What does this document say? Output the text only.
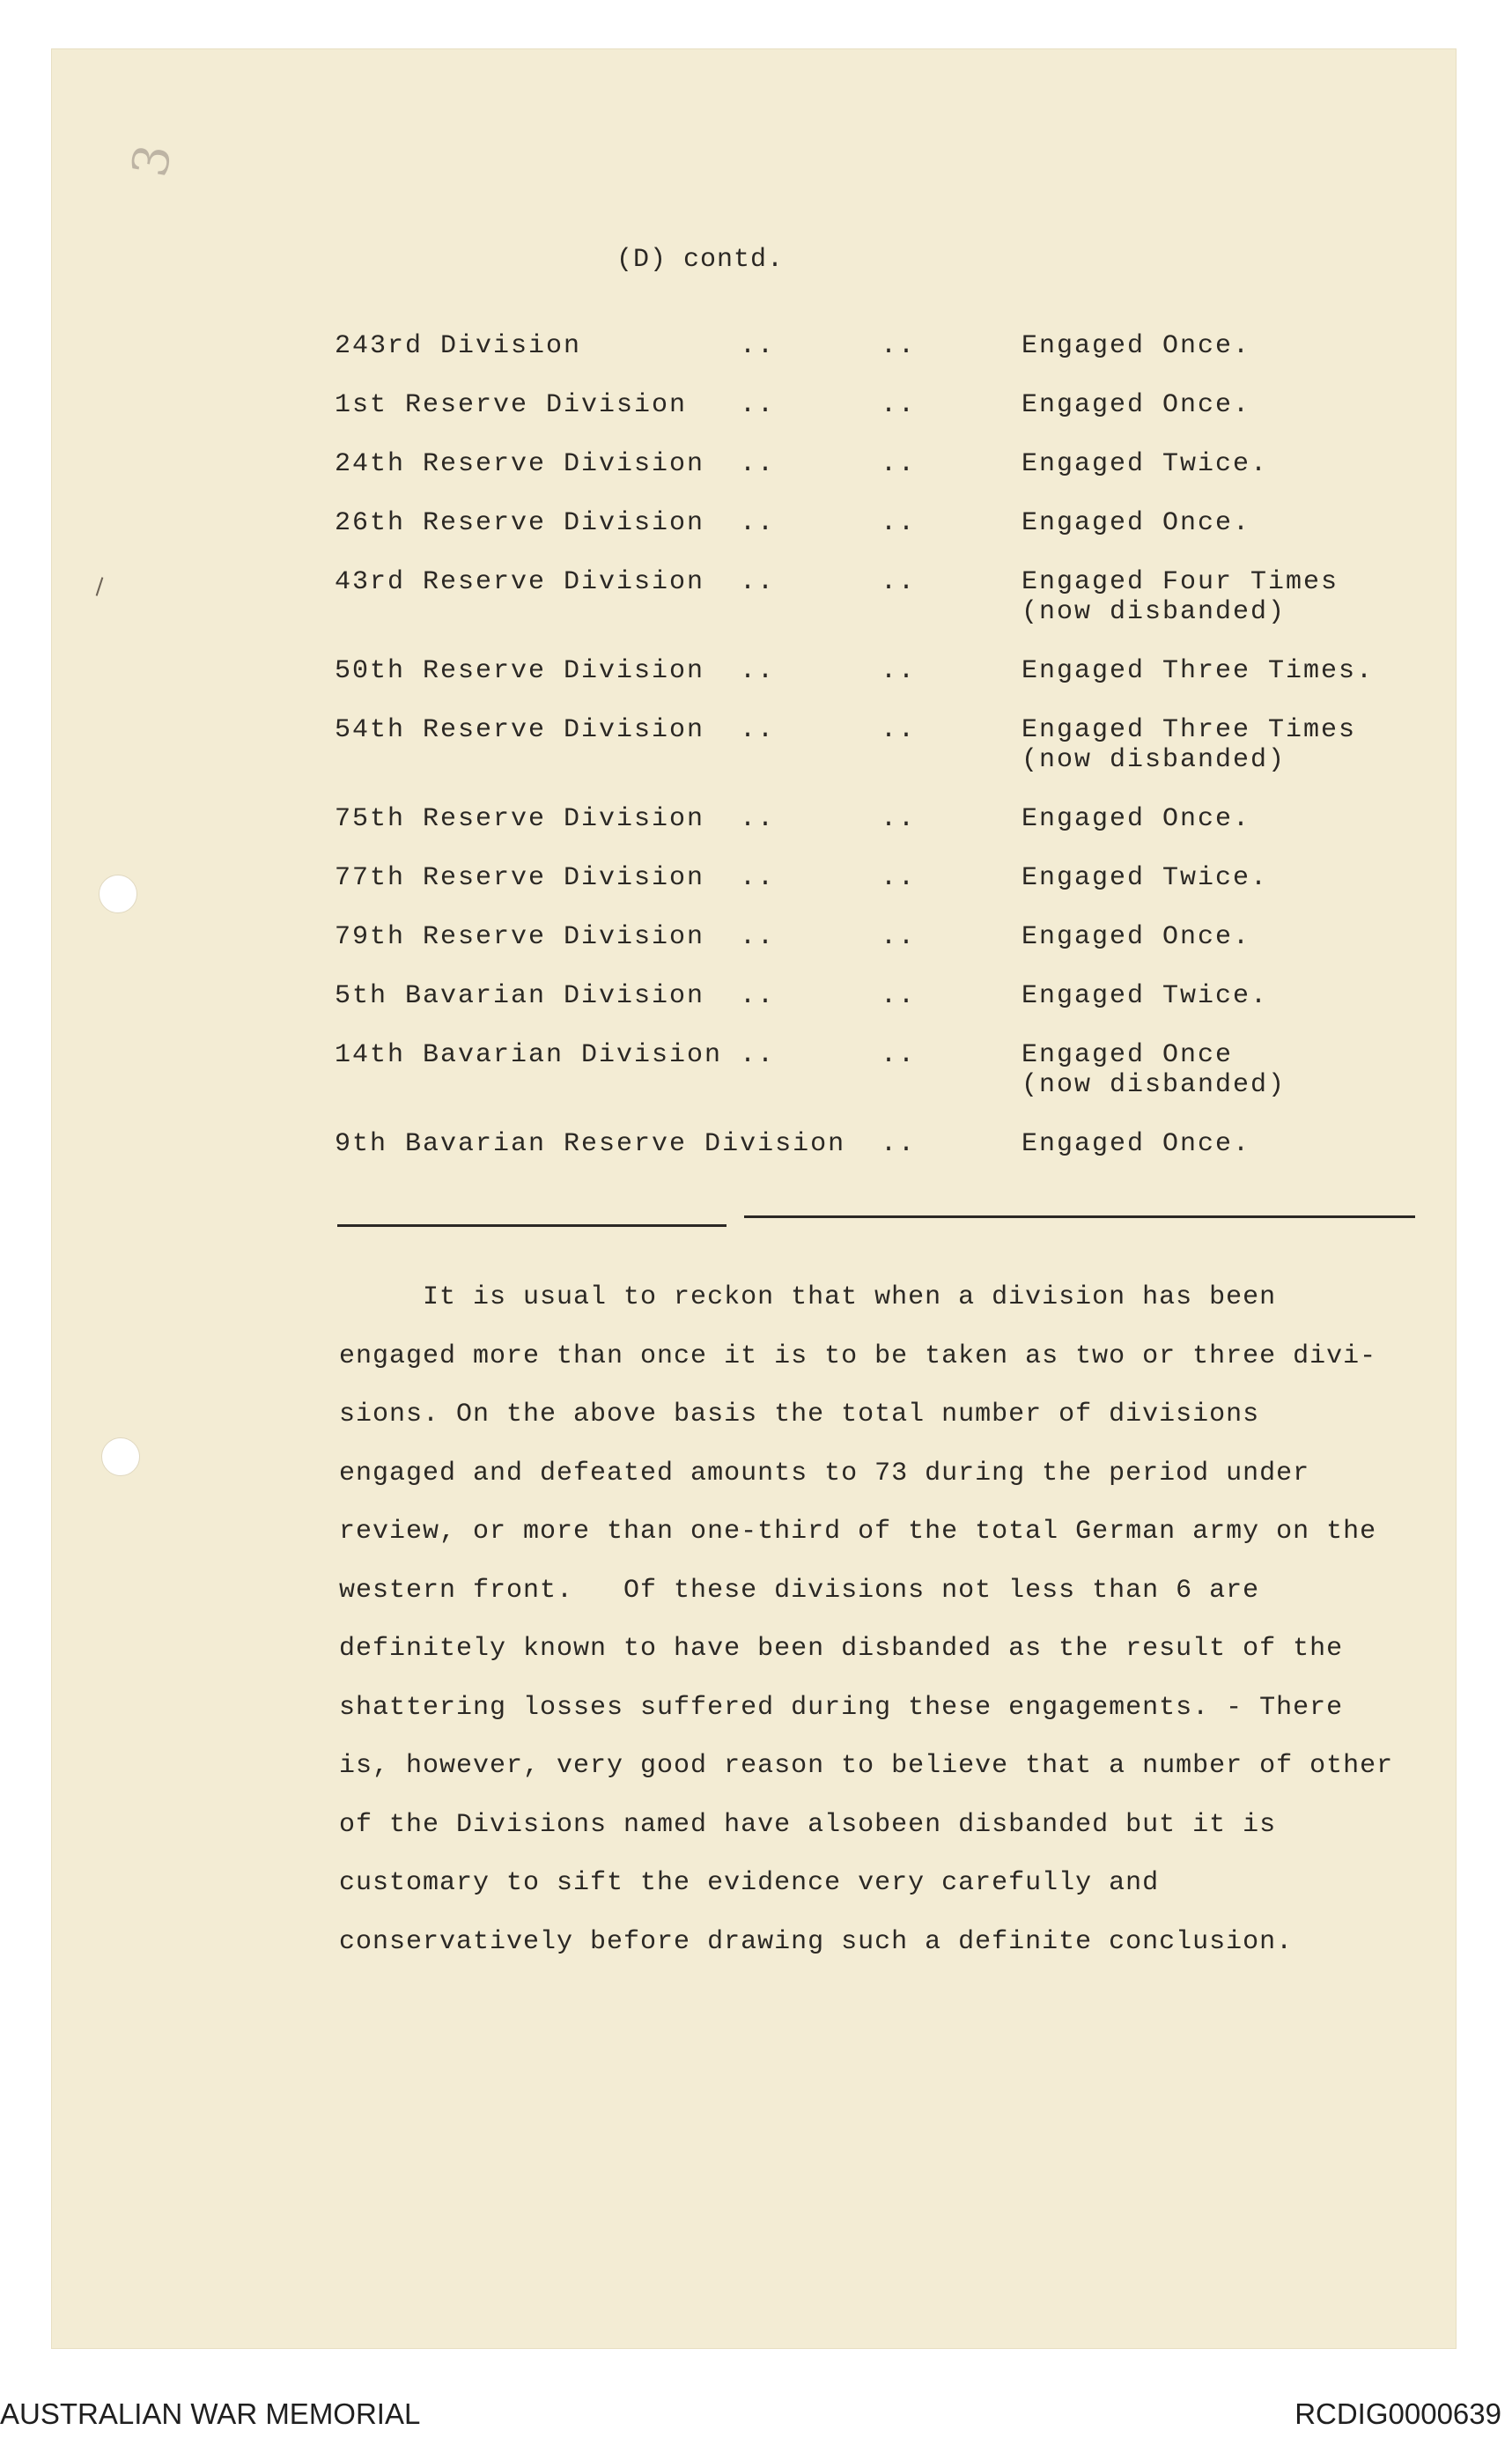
3
(D) contd.
243rd Division	..	..	Engaged Once.
1st Reserve Division ..	..	Engaged Once.
24th Reserve Division ..	..	Engaged Twice.
26th Reserve Division ..	..	Engaged Once.
43rd Reserve Division ..	..	Engaged Four Times
(now disbanded)
50th Reserve Division ..	..	Engaged Three Times.
54th Reserve Division ..	..	Engaged Three Times
(now disbanded)
75th Reserve Division ..	..	Engaged Once.
77th Reserve Division ..	..	Engaged Twice.
79th Reserve Division ..	..	Engaged Once.
5th Bavarian Division ..	..	Engaged Twice.
14th Bavarian Division ..	..	Engaged Once
(now disbanded)
9th Bavarian Reserve Division ..	Engaged Once.
It is usual to reckon that when a division has been
engaged more than once it is to be taken as two or three divi-
sions. On the above basis the total number of divisions
engaged and defeated amounts to 73 during the period under
review, or more than one-third of the total German army on the
western front.   Of these divisions not less than 6 are
definitely known to have been disbanded as the result of the
shattering losses suffered during these engagements. - There
is, however, very good reason to believe that a number of other
of the Divisions named have alsobeen disbanded but it is
customary to sift the evidence very carefully and
conservatively before drawing such a definite conclusion.
AUSTRALIAN WAR MEMORIAL	RCDIG0000639
